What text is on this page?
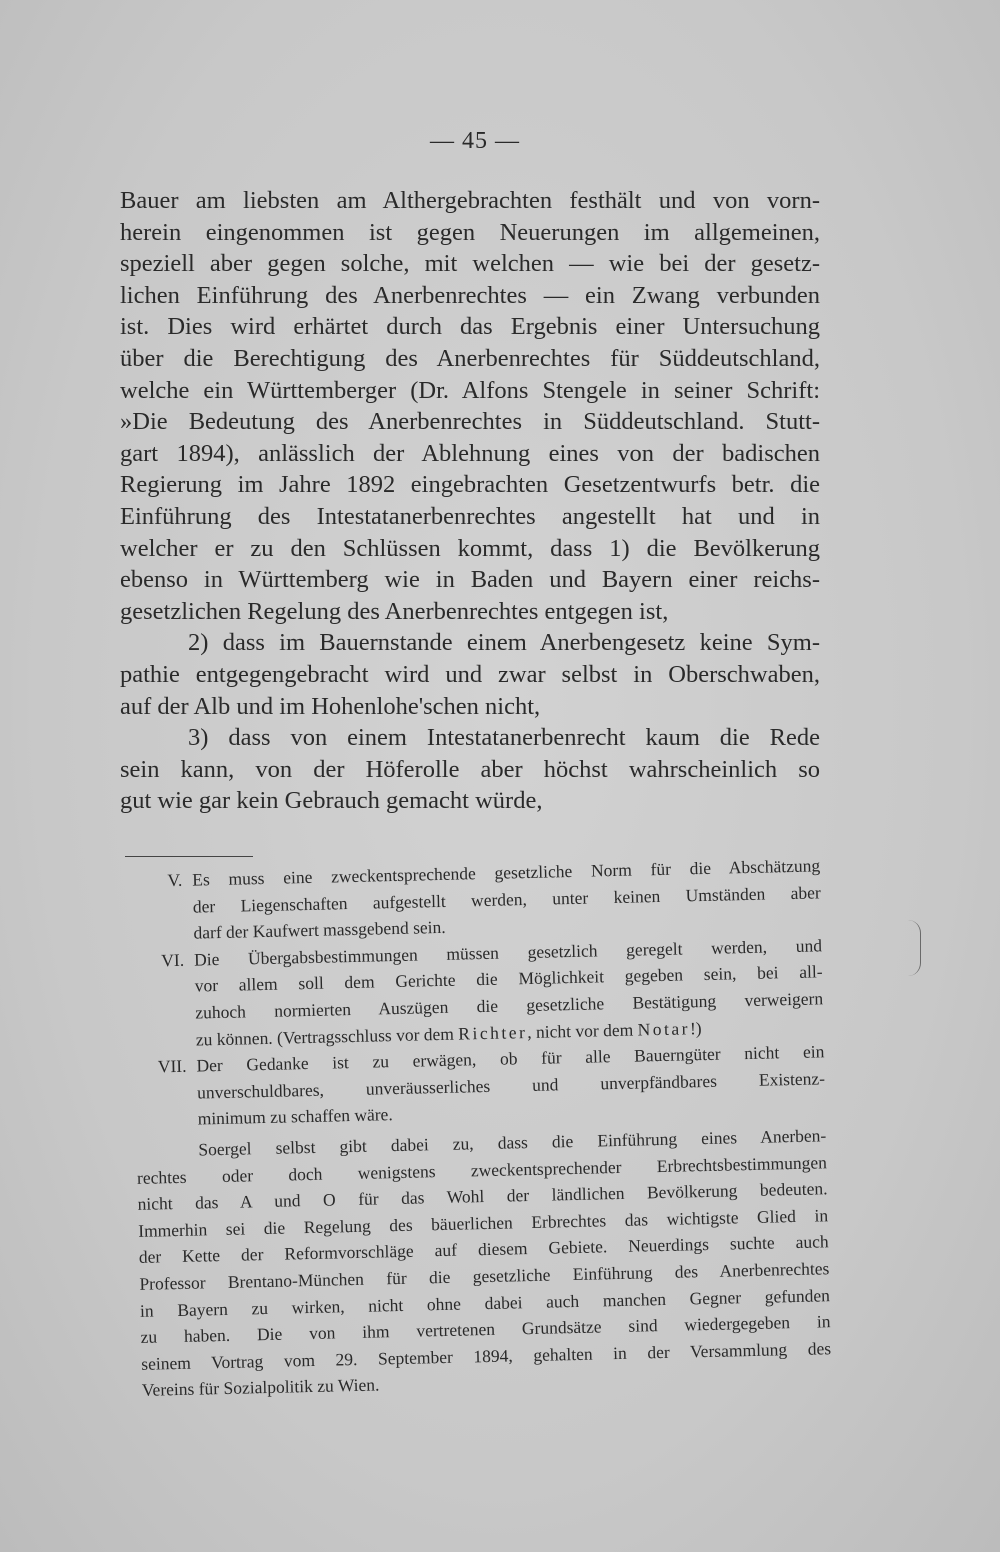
— 45 —
Bauer am liebsten am Althergebrachten festhält und von vorn-
herein eingenommen ist gegen Neuerungen im allgemeinen,
speziell aber gegen solche, mit welchen — wie bei der gesetz-
lichen Einführung des Anerbenrechtes — ein Zwang verbunden
ist. Dies wird erhärtet durch das Ergebnis einer Untersuchung
über die Berechtigung des Anerbenrechtes für Süddeutschland,
welche ein Württemberger (Dr. Alfons Stengele in seiner Schrift:
»Die Bedeutung des Anerbenrechtes in Süddeutschland. Stutt-
gart 1894), anlässlich der Ablehnung eines von der badischen
Regierung im Jahre 1892 eingebrachten Gesetzentwurfs betr. die
Einführung des Intestatanerbenrechtes angestellt hat und in
welcher er zu den Schlüssen kommt, dass 1) die Bevölkerung
ebenso in Württemberg wie in Baden und Bayern einer reichs-
gesetzlichen Regelung des Anerbenrechtes entgegen ist,
2) dass im Bauernstande einem Anerbengesetz keine Sym-
pathie entgegengebracht wird und zwar selbst in Oberschwaben,
auf der Alb und im Hohenlohe'schen nicht,
3) dass von einem Intestatanerbenrecht kaum die Rede
sein kann, von der Höferolle aber höchst wahrscheinlich so
gut wie gar kein Gebrauch gemacht würde,
V. Es muss eine zweckentsprechende gesetzliche Norm für die Abschätzung
der Liegenschaften aufgestellt werden, unter keinen Umständen aber
darf der Kaufwert massgebend sein.
VI. Die Übergabsbestimmungen müssen gesetzlich geregelt werden, und
vor allem soll dem Gerichte die Möglichkeit gegeben sein, bei all-
zuhoch normierten Auszügen die gesetzliche Bestätigung verweigern
zu können. (Vertragsschluss vor dem Richter, nicht vor dem Notar!)
VII. Der Gedanke ist zu erwägen, ob für alle Bauerngüter nicht ein
unverschuldbares, unveräusserliches und unverpfändbares Existenz-
minimum zu schaffen wäre.
Soergel selbst gibt dabei zu, dass die Einführung eines Anerben-
rechtes oder doch wenigstens zweckentsprechender Erbrechtsbestimmungen
nicht das A und O für das Wohl der ländlichen Bevölkerung bedeuten.
Immerhin sei die Regelung des bäuerlichen Erbrechtes das wichtigste Glied in
der Kette der Reformvorschläge auf diesem Gebiete. Neuerdings suchte auch
Professor Brentano-München für die gesetzliche Einführung des Anerbenrechtes
in Bayern zu wirken, nicht ohne dabei auch manchen Gegner gefunden
zu haben. Die von ihm vertretenen Grundsätze sind wiedergegeben in
seinem Vortrag vom 29. September 1894, gehalten in der Versammlung des
Vereins für Sozialpolitik zu Wien.
